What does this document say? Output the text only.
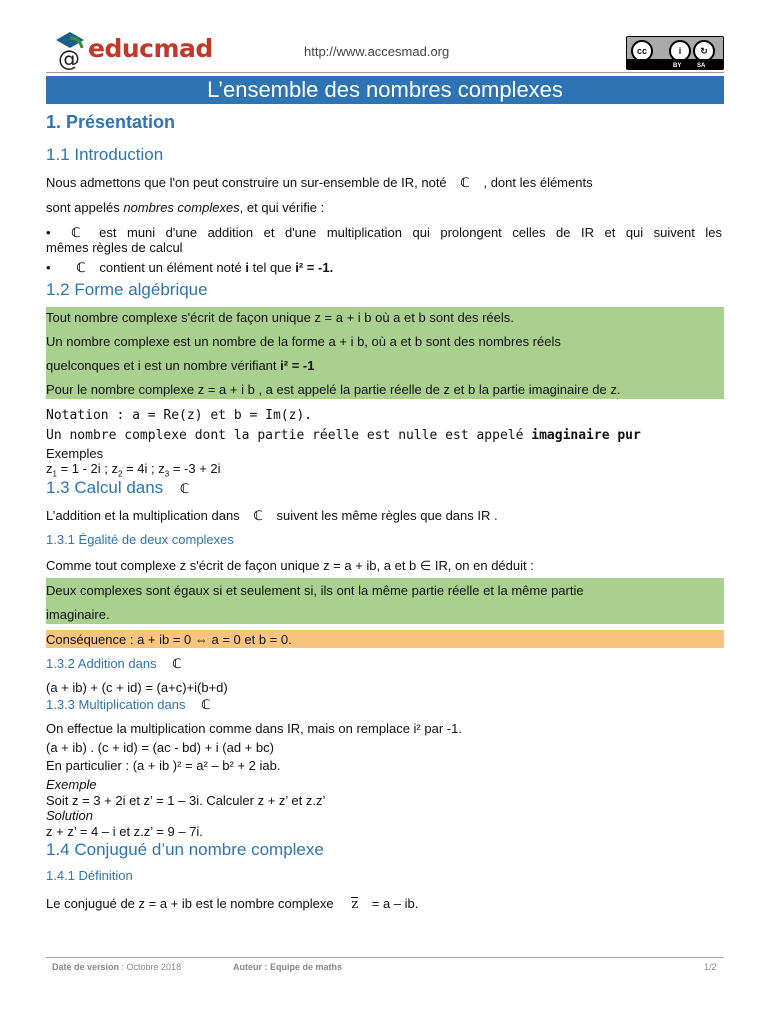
@ educmad	http://www.accesmad.org	cc	i	↻
BY	SA
L’ensemble des nombres complexes
1. Présentation
1.1 Introduction
Nous admettons que l'on peut construire un sur-ensemble de IR, noté ℂ , dont les éléments
sont appelés nombres complexes, et qui vérifie :
• ℂ est muni d'une addition et d'une multiplication qui prolongent celles de IR et qui suivent les
mêmes règles de calcul
• ℂ contient un élément noté i tel que i² = -1.
1.2 Forme algébrique
Tout nombre complexe s'écrit de façon unique z = a + i b où a et b sont des réels.
Un nombre complexe est un nombre de la forme a + i b, où a et b sont des nombres réels
quelconques et i est un nombre vérifiant i² = -1
Pour le nombre complexe z = a + i b , a est appelé la partie réelle de z et b la partie imaginaire de z.
Notation : a = Re(z) et b = Im(z).
Un nombre complexe dont la partie réelle est nulle est appelé imaginaire pur
Exemples
$z_1 = 1 - 2i$ ; $z_2 = 4i$ ; $z_3 = -3 + 2i$
1.3 Calcul dans ℂ
L’addition et la multiplication dans ℂ suivent les même règles que dans IR .
1.3.1 Égalité de deux complexes
Comme tout complexe z s'écrit de façon unique z = a + ib, a et b ∈ IR, on en déduit :
Deux complexes sont égaux si et seulement si, ils ont la même partie réelle et la même partie
imaginaire.
Conséquence : a + ib = 0 ⇔ a = 0 et b = 0.
1.3.2 Addition dans ℂ
(a + ib) + (c + id) = (a+c)+i(b+d)
1.3.3 Multiplication dans ℂ
On effectue la multiplication comme dans IR, mais on remplace i² par -1.
(a + ib) . (c + id) = (ac - bd) + i (ad + bc)
En particulier : (a + ib )² = a² – b² + 2 iab.
Exemple
Soit z = 3 + 2i et z’ = 1 – 3i. Calculer z + z’ et z.z’
Solution
z + z’ = 4 – i et z.z’ = 9 – 7i.
1.4 Conjugué d’un nombre complexe
1.4.1 Définition
Le conjugué de z = a + ib est le nombre complexe z = a – ib.
Date de version : Octobre 2018	Auteur : Equipe de maths	1/2
